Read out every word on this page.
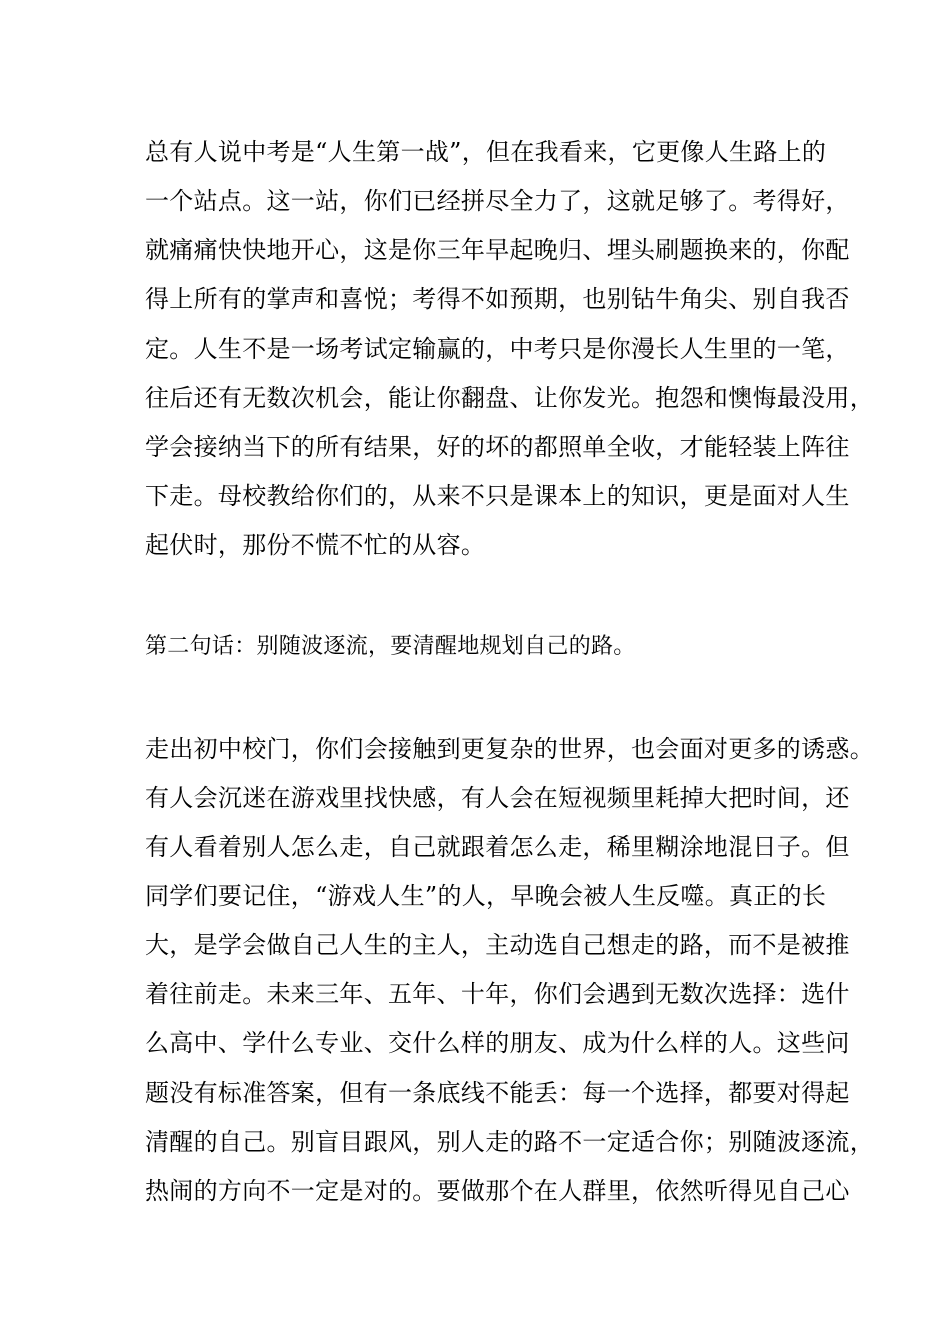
总有人说中考是“人生第一战”，但在我看来，它更像人生路上的
一个站点。这一站，你们已经拼尽全力了，这就足够了。考得好，
就痛痛快快地开心，这是你三年早起晚归、埋头刷题换来的，你配
得上所有的掌声和喜悦；考得不如预期，也别钻牛角尖、别自我否
定。人生不是一场考试定输赢的，中考只是你漫长人生里的一笔，
往后还有无数次机会，能让你翻盘、让你发光。抱怨和懊悔最没用，
学会接纳当下的所有结果，好的坏的都照单全收，才能轻装上阵往
下走。母校教给你们的，从来不只是课本上的知识，更是面对人生
起伏时，那份不慌不忙的从容。
第二句话：别随波逐流，要清醒地规划自己的路。
走出初中校门，你们会接触到更复杂的世界，也会面对更多的诱惑。
有人会沉迷在游戏里找快感，有人会在短视频里耗掉大把时间，还
有人看着别人怎么走，自己就跟着怎么走，稀里糊涂地混日子。但
同学们要记住，“游戏人生”的人，早晚会被人生反噬。真正的长
大，是学会做自己人生的主人，主动选自己想走的路，而不是被推
着往前走。未来三年、五年、十年，你们会遇到无数次选择：选什
么高中、学什么专业、交什么样的朋友、成为什么样的人。这些问
题没有标准答案，但有一条底线不能丢：每一个选择，都要对得起
清醒的自己。别盲目跟风，别人走的路不一定适合你；别随波逐流，
热闹的方向不一定是对的。要做那个在人群里，依然听得见自己心
